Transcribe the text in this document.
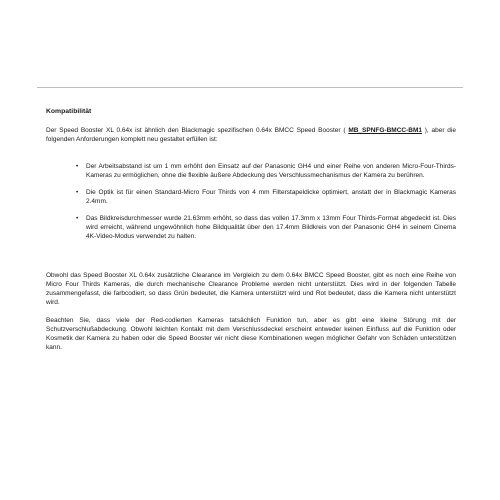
Kompatibilität

Der Speed Booster XL 0.64x ist ähnlich den Blackmagic spezifischen 0.64x BMCC Speed Booster ( MB_SPNFG-BMCC-BM1 ), aber die folgenden Anforderungen komplett neu gestaltet erfüllen ist:

• Der Arbeitsabstand ist um 1 mm erhöht den Einsatz auf der Panasonic GH4 und einer Reihe von anderen Micro-Four-Thirds-Kameras zu ermöglichen, ohne die flexible äußere Abdeckung des Verschlussmechanismus der Kamera zu berühren.
• Die Optik ist für einen Standard-Micro Four Thirds von 4 mm Filterstapeldicke optimiert, anstatt der in Blackmagic Kameras 2.4mm.
• Das Bildkreisdurchmesser wurde 21.63mm erhöht, so dass das vollen 17.3mm x 13mm Four Thirds-Format abgedeckt ist. Dies wird erreicht, während ungewöhnlich hohe Bildqualität über den 17.4mm Bildkreis von der Panasonic GH4 in seinem Cinema 4K-Video-Modus verwendet zu halten.

Obwohl das Speed Booster XL 0.64x zusätzliche Clearance im Vergleich zu dem 0.64x BMCC Speed Booster, gibt es noch eine Reihe von Micro Four Thirds Kameras, die durch mechanische Clearance Probleme werden nicht unterstützt. Dies wird in der folgenden Tabelle zusammengefasst, die farbcodiert, so dass Grün bedeutet, die Kamera unterstützt wird und Rot bedeutet, dass die Kamera nicht unterstützt wird.

Beachten Sie, dass viele der Red-codierten Kameras tatsächlich Funktion tun, aber es gibt eine kleine Störung mit der Schutzverschlußabdeckung. Obwohl leichten Kontakt mit dem Verschlussdeckel erscheint entweder keinen Einfluss auf die Funktion oder Kosmetik der Kamera zu haben oder die Speed Booster wir nicht diese Kombinationen wegen möglicher Gefahr von Schäden unterstützen kann.
